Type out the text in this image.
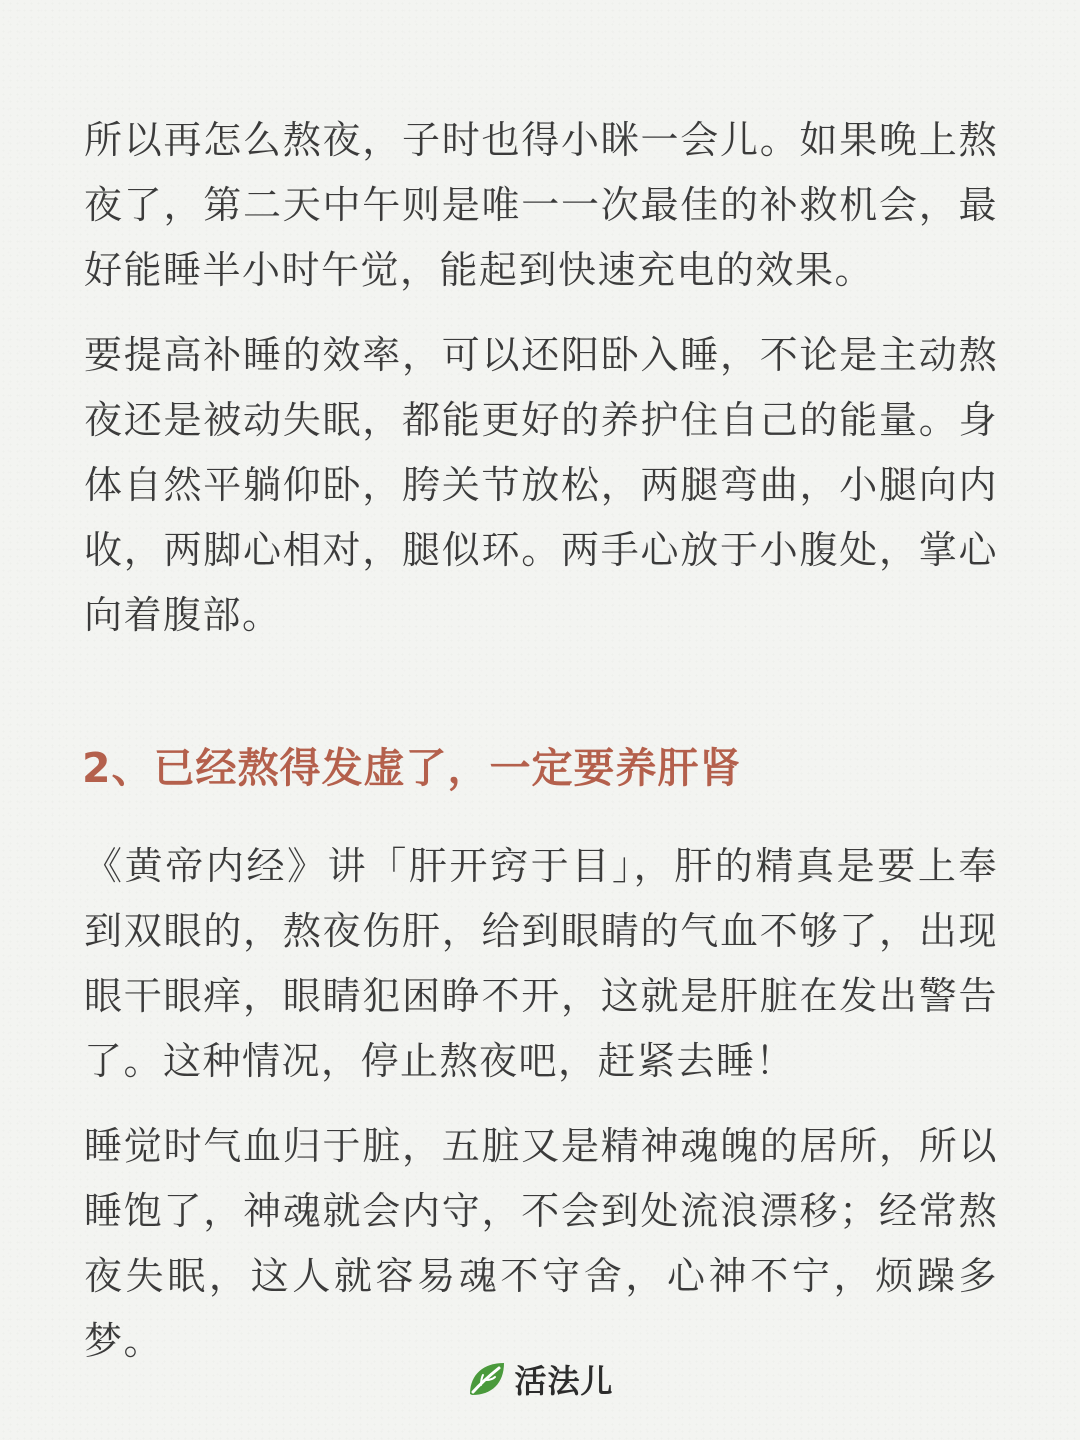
所以再怎么熬夜，子时也得小眯一会儿。如果晚上熬夜了，第二天中午则是唯一一次最佳的补救机会，最好能睡半小时午觉，能起到快速充电的效果。

要提高补睡的效率，可以还阳卧入睡，不论是主动熬夜还是被动失眠，都能更好的养护住自己的能量。身体自然平躺仰卧，胯关节放松，两腿弯曲，小腿向内收，两脚心相对，腿似环。两手心放于小腹处，掌心向着腹部。

2、已经熬得发虚了，一定要养肝肾

《黄帝内经》讲「肝开窍于目」，肝的精真是要上奉到双眼的，熬夜伤肝，给到眼睛的气血不够了，出现眼干眼痒，眼睛犯困睁不开，这就是肝脏在发出警告了。这种情况，停止熬夜吧，赶紧去睡！

睡觉时气血归于脏，五脏又是精神魂魄的居所，所以睡饱了，神魂就会内守，不会到处流浪漂移；经常熬夜失眠，这人就容易魂不守舍，心神不宁，烦躁多梦。

活法儿
